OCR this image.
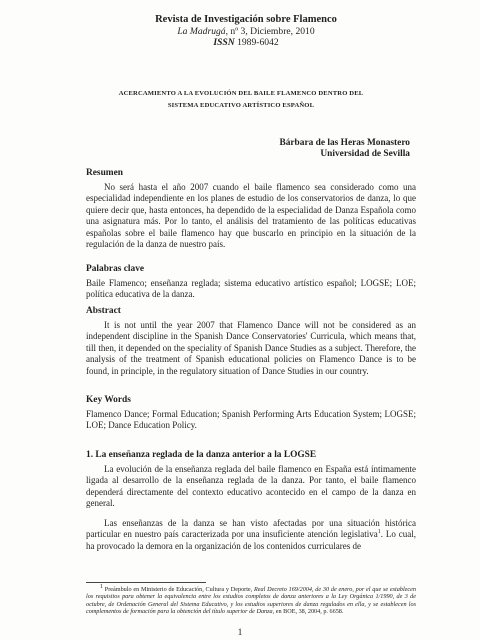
Revista de Investigación sobre Flamenco
La Madrugá, nº 3, Diciembre, 2010
ISSN 1989-6042
ACERCAMIENTO A LA EVOLUCIÓN DEL BAILE FLAMENCO DENTRO DEL
SISTEMA EDUCATIVO ARTÍSTICO ESPAÑOL
Bárbara de las Heras Monastero
Universidad de Sevilla
Resumen
No será hasta el año 2007 cuando el baile flamenco sea considerado como una especialidad independiente en los planes de estudio de los conservatorios de danza, lo que quiere decir que, hasta entonces, ha dependido de la especialidad de Danza Española como una asignatura más. Por lo tanto, el análisis del tratamiento de las políticas educativas españolas sobre el baile flamenco hay que buscarlo en principio en la situación de la regulación de la danza de nuestro país.
Palabras clave
Baile Flamenco; enseñanza reglada; sistema educativo artístico español; LOGSE; LOE; política educativa de la danza.
Abstract
It is not until the year 2007 that Flamenco Dance will not be considered as an independent discipline in the Spanish Dance Conservatories' Curricula, which means that, till then, it depended on the speciality of Spanish Dance Studies as a subject. Therefore, the analysis of the treatment of Spanish educational policies on Flamenco Dance is to be found, in principle, in the regulatory situation of Dance Studies in our country.
Key Words
Flamenco Dance; Formal Education; Spanish Performing Arts Education System; LOGSE; LOE; Dance Education Policy.
1. La enseñanza reglada de la danza anterior a la LOGSE
La evolución de la enseñanza reglada del baile flamenco en España está íntimamente ligada al desarrollo de la enseñanza reglada de la danza. Por tanto, el baile flamenco dependerá directamente del contexto educativo acontecido en el campo de la danza en general.
Las enseñanzas de la danza se han visto afectadas por una situación histórica particular en nuestro país caracterizada por una insuficiente atención legislativa$^1$. Lo cual, ha provocado la demora en la organización de los contenidos curriculares de
$^1$ Preámbulo en Ministerio de Educación, Cultura y Deporte, Real Decreto 169/2004, de 30 de enero, por el que se establecen los requisitos para obtener la equivalencia entre los estudios completos de danza anteriores a la Ley Orgánica 1/1990, de 3 de octubre, de Ordenación General del Sistema Educativo, y los estudios superiores de danza regulados en ella, y se establecen los complementos de formación para la obtención del título superior de Danza, en BOE, 38, 2004, p. 6658.
1
